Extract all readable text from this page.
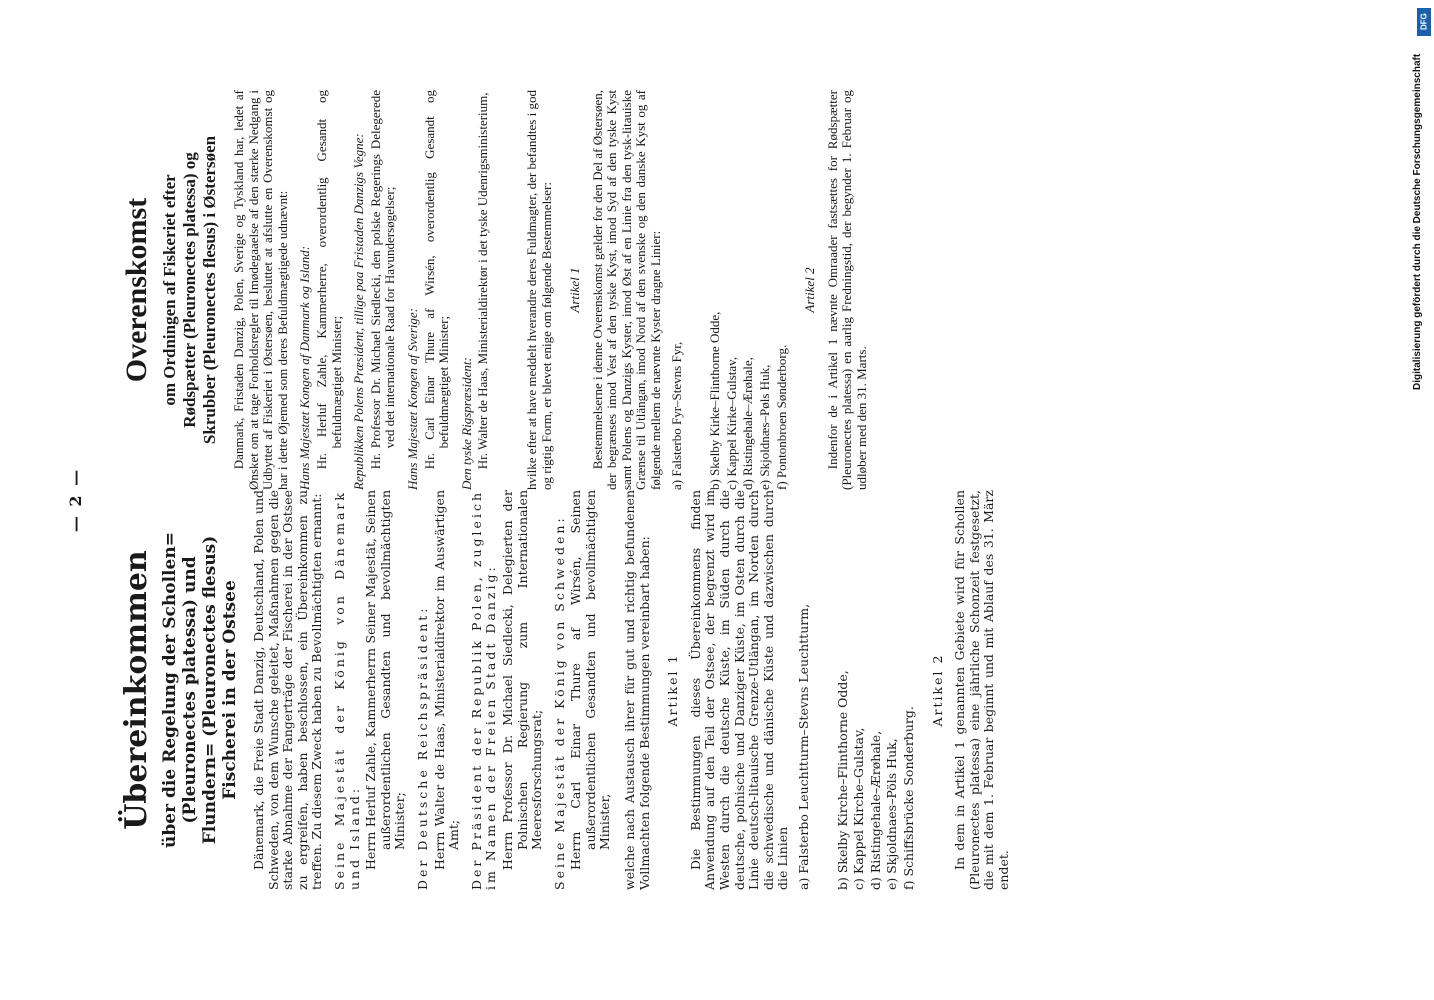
— 2 —
Übereinkommen über die Regelung der Schollen= (Pleuronectes platessa) und Flundern= (Pleuronectes flesus) Fischerei in der Ostsee Dänemark, die Freie Stadt Danzig, Deutschland, Polen und Schweden, von dem Wunsche geleitet, Maßnahmen gegen die starke Abnahme der Fangerträge der Fischerei in der Ostsee zu ergreifen, haben beschlossen, ein Übereinkommen zu treffen. Zu diesem Zweck haben zu Bevollmächtigten ernannt: Seine Majestät der König von Dänemark und Island: Herrn Herluf Zahle, Kammerherrn Seiner Majestät, Seinen außerordentlichen Gesandten und bevollmächtigten Minister; Der Deutsche Reichspräsident: Herrn Walter de Haas, Ministerialdirektor im Auswärtigen Amt; Der Präsident der Republik Polen, zugleich im Namen der Freien Stadt Danzig: Herrn Professor Dr. Michael Siedlecki, Delegierten der Polnischen Regierung zum Internationalen Meeresforschungsrat; Seine Majestät der König von Schweden: Herrn Carl Einar Thure af Wirsén, Seinen außerordentlichen Gesandten und bevollmächtigten Minister, welche nach Austausch ihrer für gut und richtig befundenen Vollmachten folgende Bestimmungen vereinbart haben: Artikel 1 Die Bestimmungen dieses Übereinkommens finden Anwendung auf den Teil der Ostsee, der begrenzt wird im Westen durch die deutsche Küste, im Süden durch die deutsche, polnische und Danziger Küste, im Osten durch die Linie deutsch-litauische Grenze-Utlängan, im Norden durch die schwedische und dänische Küste und dazwischen durch die Linien a) Falsterbo Leuchtturm–Stevns Leuchtturm, b) Skelby Kirche–Flinthorne Odde, c) Kappel Kirche–Gulstav, d) Ristingehale–Ærøhale, e) Skjoldnaes–Pöls Huk, f) Schiffsbrücke Sonderburg.
Artikel 2 In dem in Artikel 1 genannten Gebiete wird für Schollen (Pleuronectes platessa) eine jährliche Schonzeit festgesetzt, die mit dem 1. Februar beginnt und mit Ablauf des 31. März endet.

Overenskomst om Ordningen af Fiskeriet efter Rødspætter (Pleuronectes platessa) og Skrubber (Pleuronectes flesus) i Østersøen Danmark, Fristaden Danzig, Polen, Sverige og Tyskland har, ledet af Ønsket om at tage Forholdsregler til Imødegaaelse af den stærke Nedgang i Udbyttet af Fiskeriet i Østersøen, besluttet at afslutte en Overenskomst og har i dette Øjemed som deres Befuldmægtigede udnævnt: Hans Majestæt Kongen af Danmark og Island: Hr. Herluf Zahle, Kammerherre, overordentlig Gesandt og befuldmægtiget Minister; Republikken Polens Præsident, tillige paa Fristaden Danzigs Vegne: Hr. Professor Dr. Michael Siedlecki, den polske Regerings Delegerede ved det internationale Raad for Havundersøgelser; Hans Majestæt Kongen af Sverige: Hr. Carl Einar Thure af Wirsén, overordentlig Gesandt og befuldmægtiget Minister; Den tyske Rigspræsident: Hr. Walter de Haas, Ministerialdirektør i det tyske Udenrigsministerium,	hvilke efter at have meddelt hverandre deres Fuldmagter, der befandtes i god og rigtig Form, er blevet enige om følgende Bestemmelser: Artikel 1 Bestemmelserne i denne Overenskomst gælder for den Del af Østersøen, der begrænses imod Vest af den tyske Kyst, imod Syd af den tyske Kyst samt Polens og Danzigs Kyster, imod Øst af en Linie fra den tysk-litauiske Grænse til Utlängan, imod Nord af den svenske og den danske Kyst og af følgende mellem de nævnte Kyster dragne Linier: a) Falsterbo Fyr–Stevns Fyr, b) Skelby Kirke–Flinthorne Odde, c) Kappel Kirke–Gulstav, d) Ristingehale–Ærøhale, e) Skjoldnæs–Pøls Huk, f) Pontonbroen Sønderborg.
Artikel 2 Indenfor de i Artikel 1 nævnte Omraader fastsættes for Rødspætter (Pleuronectes platessa) en aarlig Fredningstid, der begynder 1. Februar og udløber med den 31. Marts.

Digitalisierung gefördert durch die Deutsche Forschungsgemeinschaft
DFG
